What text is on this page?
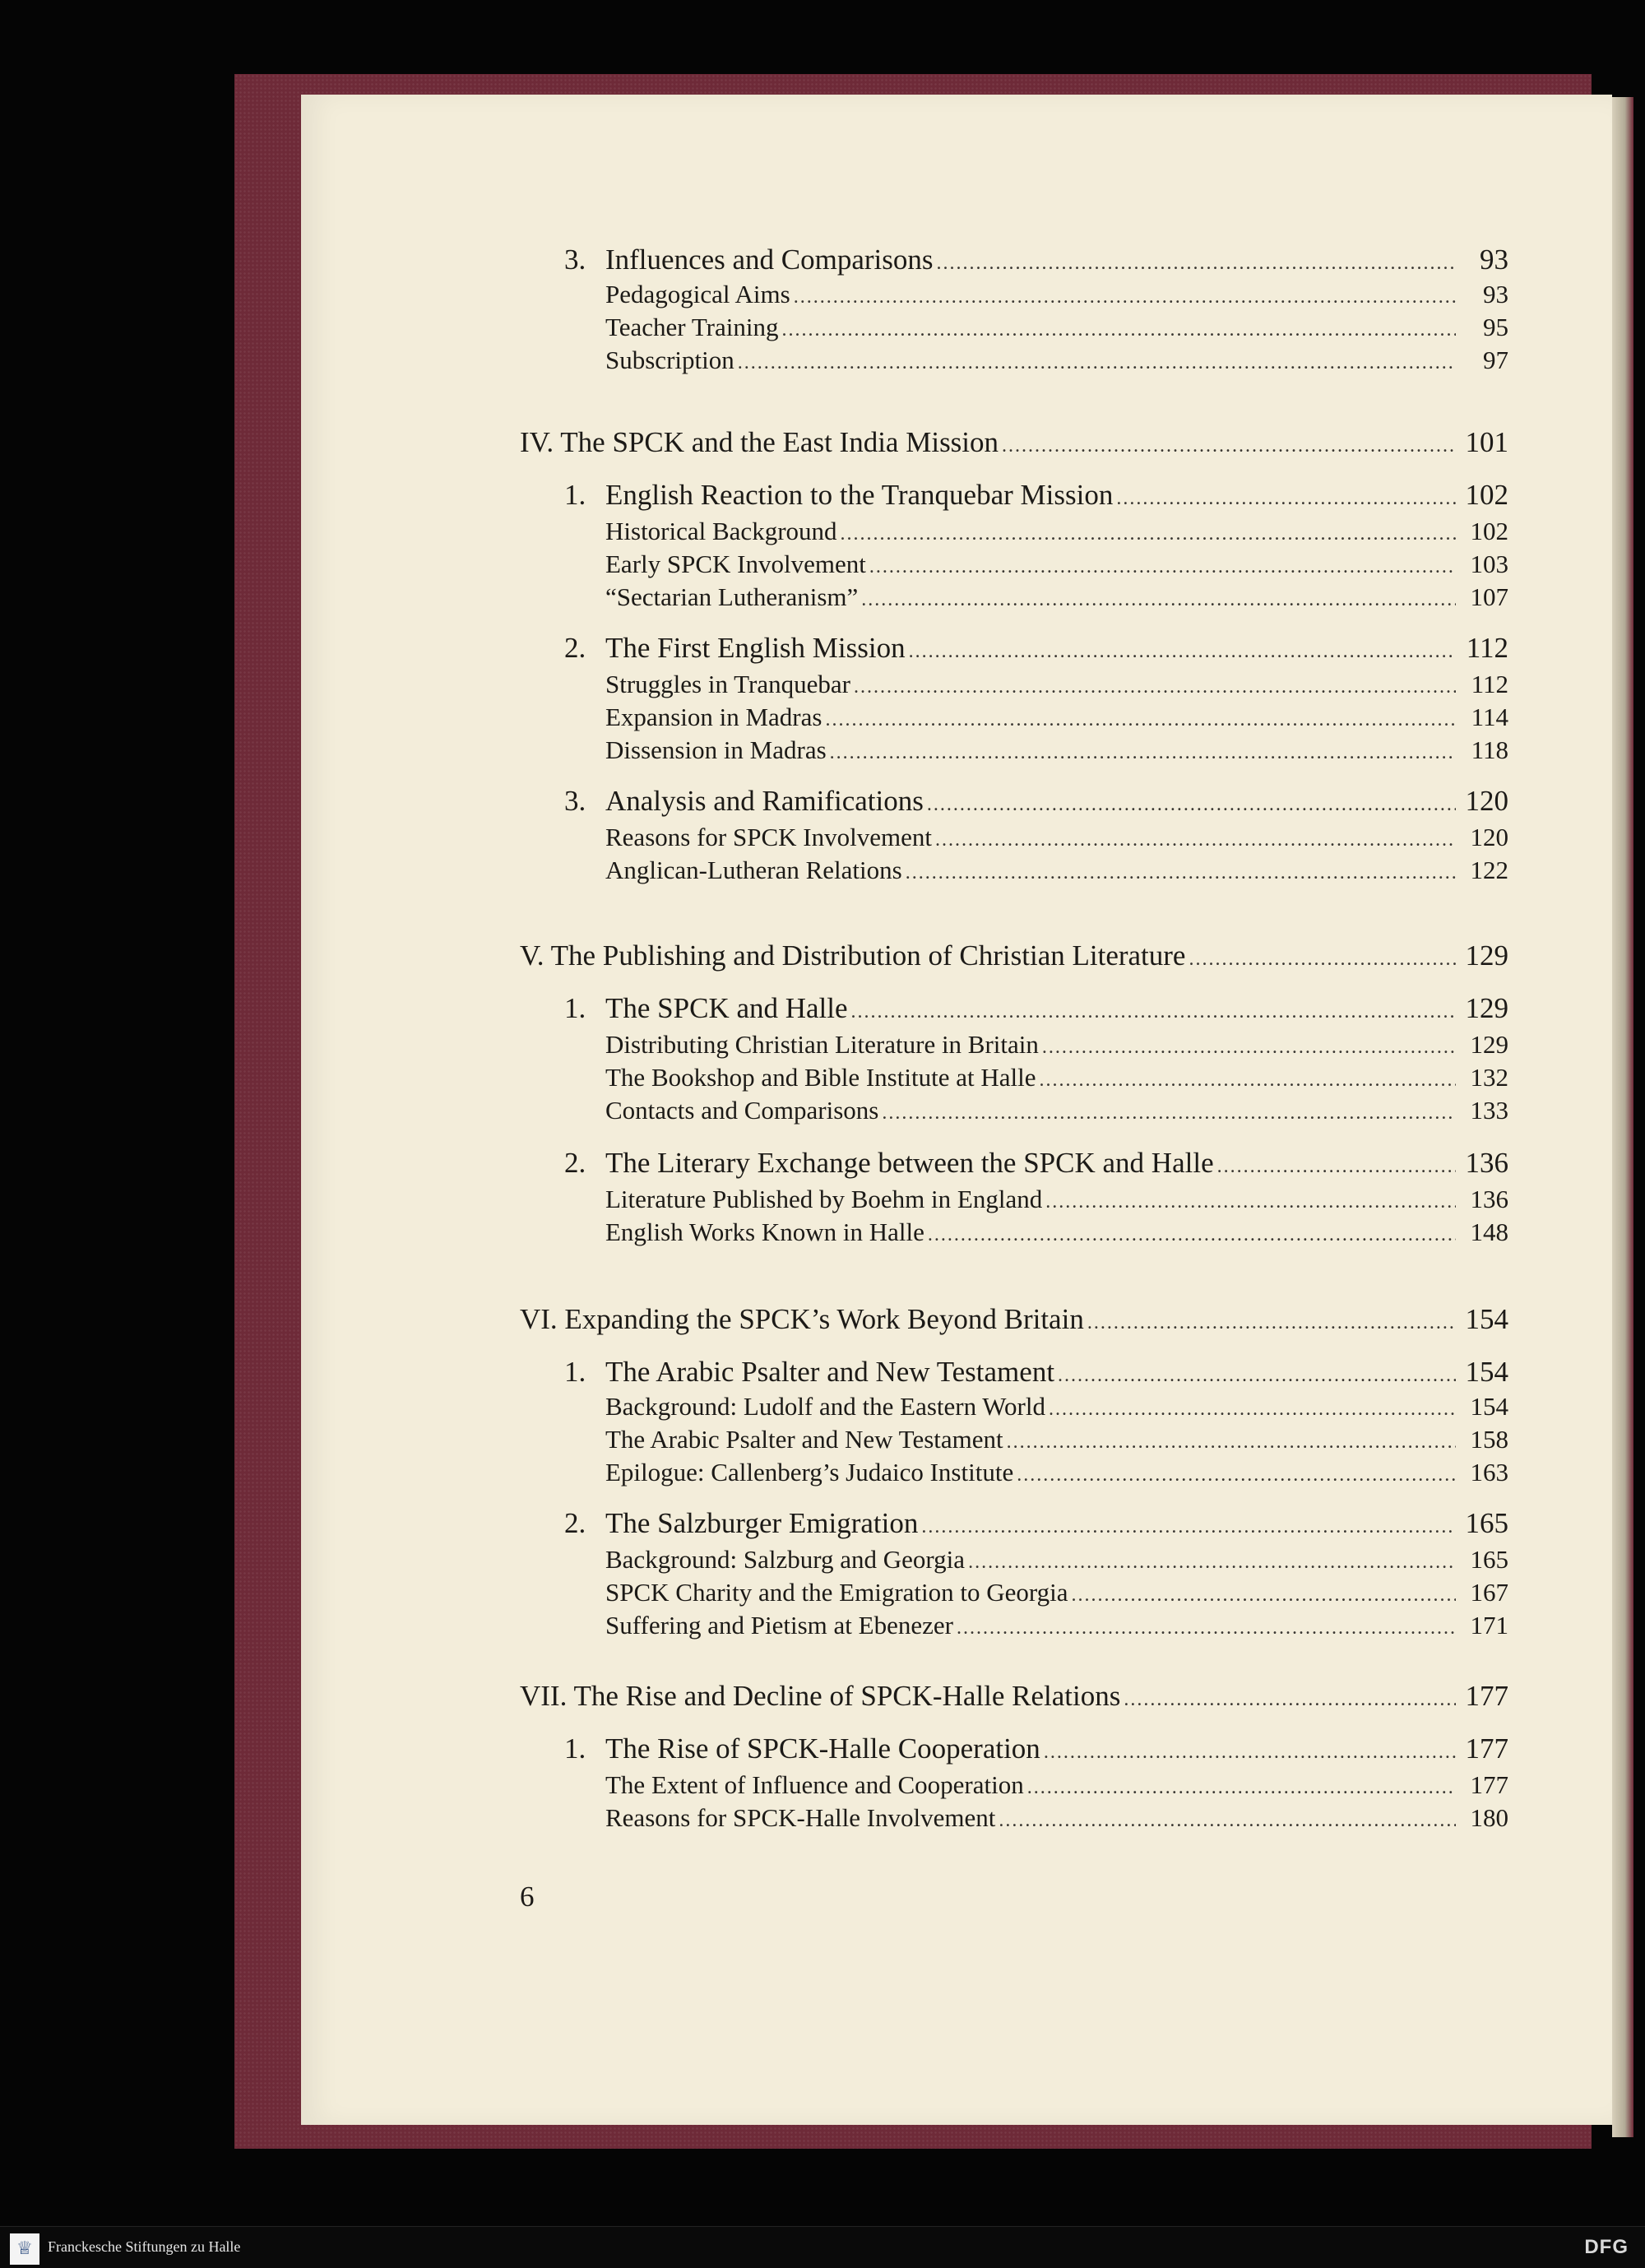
3. Influences and Comparisons .....	93
Pedagogical Aims .....	93
Teacher Training .....	95
Subscription .....	97
IV. The SPCK and the East India Mission .....	101
1. English Reaction to the Tranquebar Mission .....	102
Historical Background .....	102
Early SPCK Involvement .....	103
“Sectarian Lutheranism” .....	107
2. The First English Mission .....	112
Struggles in Tranquebar .....	112
Expansion in Madras .....	114
Dissension in Madras .....	118
3. Analysis and Ramifications .....	120
Reasons for SPCK Involvement .....	120
Anglican-Lutheran Relations .....	122
V. The Publishing and Distribution of Christian Literature .....	129
1. The SPCK and Halle .....	129
Distributing Christian Literature in Britain .....	129
The Bookshop and Bible Institute at Halle .....	132
Contacts and Comparisons .....	133
2. The Literary Exchange between the SPCK and Halle .....	136
Literature Published by Boehm in England .....	136
English Works Known in Halle .....	148
VI. Expanding the SPCK’s Work Beyond Britain .....	154
1. The Arabic Psalter and New Testament .....	154
Background: Ludolf and the Eastern World .....	154
The Arabic Psalter and New Testament .....	158
Epilogue: Callenberg’s Judaico Institute .....	163
2. The Salzburger Emigration .....	165
Background: Salzburg and Georgia .....	165
SPCK Charity and the Emigration to Georgia .....	167
Suffering and Pietism at Ebenezer .....	171
VII. The Rise and Decline of SPCK-Halle Relations .....	177
1. The Rise of SPCK-Halle Cooperation .....	177
The Extent of Influence and Cooperation .....	177
Reasons for SPCK-Halle Involvement .....	180
6
♕	Franckesche Stiftungen zu Halle	DFG
